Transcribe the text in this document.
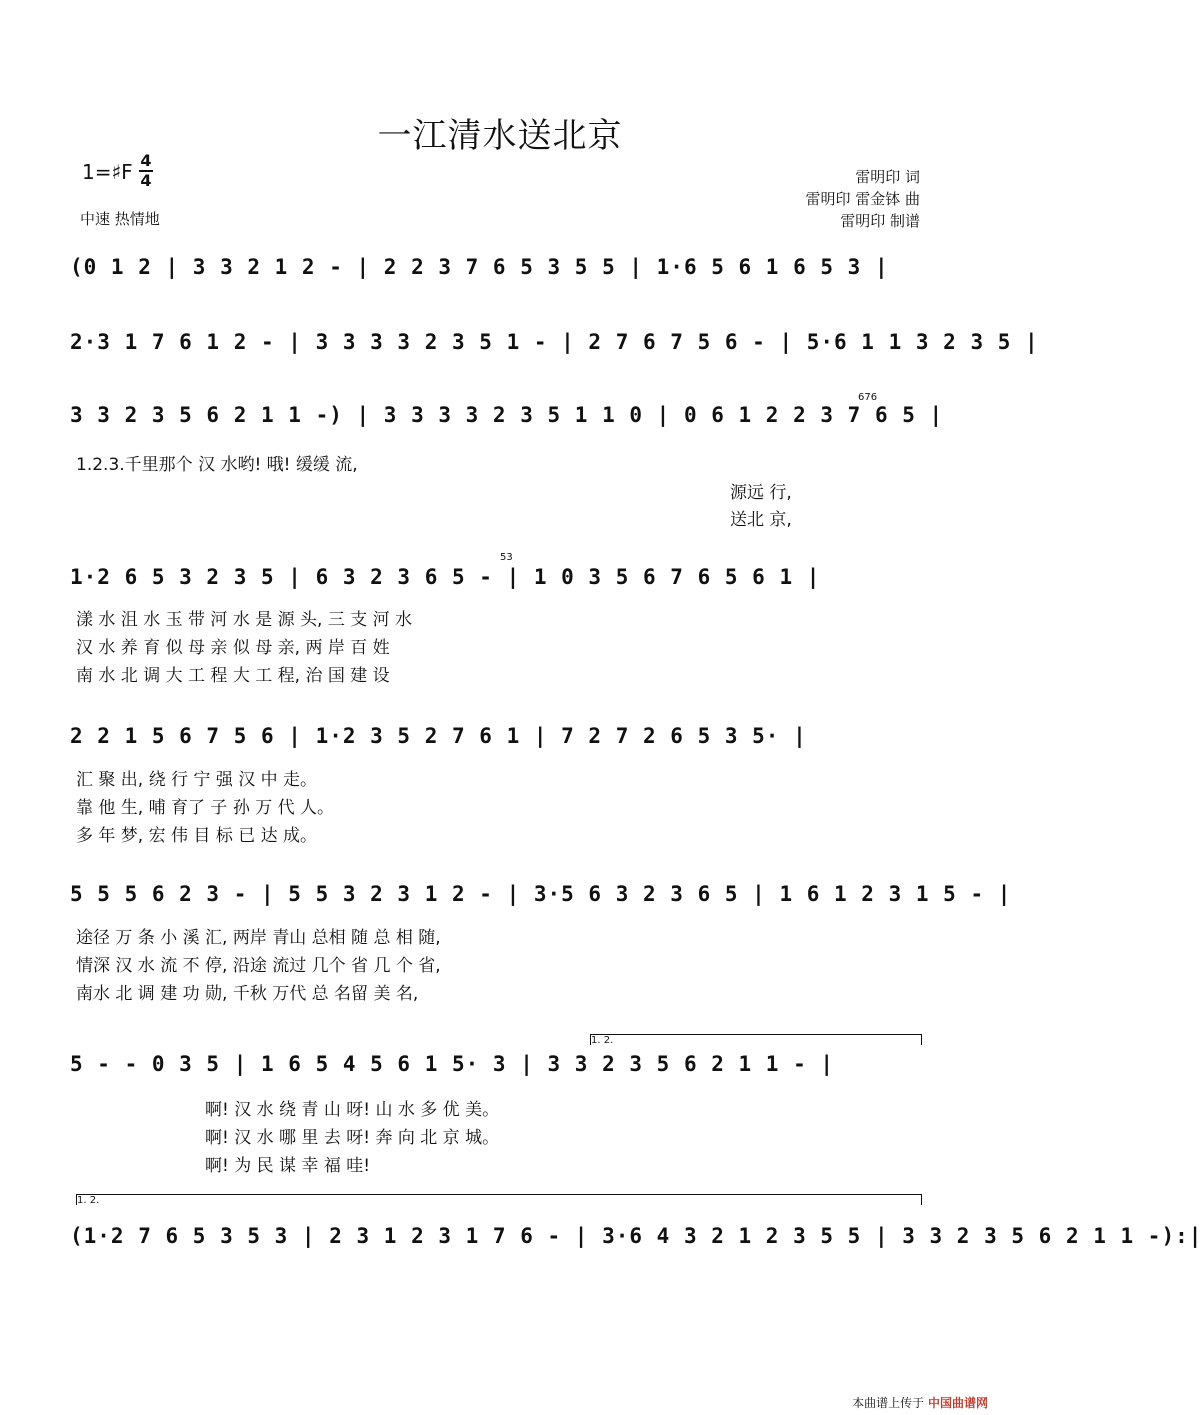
一江清水送北京
1=♯F 4
4
中速 热情地
雷明印 词
雷明印 雷金钵 曲
雷明印 制谱
(0 1 2 | 3 3 2 1 2 - | 2 2 3 7 6 5 3 5 5 | 1·6 5 6 1 6 5 3 |
2·3 1 7 6 1 2 - | 3 3 3 3 2 3 5 1 - | 2 7 6 7 5 6 - | 5·6 1 1 3 2 3 5 |
676
3 3 2 3 5 6 2 1 1 -) | 3 3 3 3 2 3 5 1 1 0 | 0 6 1 2 2 3 7 6 5 |
1.2.3.千里那个 汉 水哟! 哦! 缓缓 流,
源远 行,
送北 京,
53
1·2 6 5 3 2 3 5 | 6 3 2 3 6 5 - | 1 0 3 5 6 7 6 5 6 1 |
漾 水 沮 水 玉 带 河 水 是 源 头, 三 支 河 水
汉 水 养 育 似 母 亲 似 母 亲, 两 岸 百 姓
南 水 北 调 大 工 程 大 工 程, 治 国 建 设
2 2 1 5 6 7 5 6 | 1·2 3 5 2 7 6 1 | 7 2 7 2 6 5 3 5· |
汇 聚 出, 绕 行 宁 强 汉 中 走。
靠 他 生, 哺 育了 子 孙 万 代 人。
多 年 梦, 宏 伟 目 标 已 达 成。
5 5 5 6 2 3 - | 5 5 3 2 3 1 2 - | 3·5 6 3 2 3 6 5 | 1 6 1 2 3 1 5 - |
途径 万 条 小 溪 汇, 两岸 青山 总相 随 总 相 随,
情深 汉 水 流 不 停, 沿途 流过 几个 省 几 个 省,
南水 北 调 建 功 勋, 千秋 万代 总 名留 美 名,
1. 2.
5 - - 0 3 5 | 1 6 5 4 5 6 1 5· 3 | 3 3 2 3 5 6 2 1 1 - |
啊! 汉 水 绕 青 山 呀! 山 水 多 优 美。
啊! 汉 水 哪 里 去 呀! 奔 向 北 京 城。
啊! 为 民 谋 幸 福 哇!
1. 2.
(1·2 7 6 5 3 5 3 | 2 3 1 2 3 1 7 6 - | 3·6 4 3 2 1 2 3 5 5 | 3 3 2 3 5 6 2 1 1 -):|
本曲谱上传于 中国曲谱网
